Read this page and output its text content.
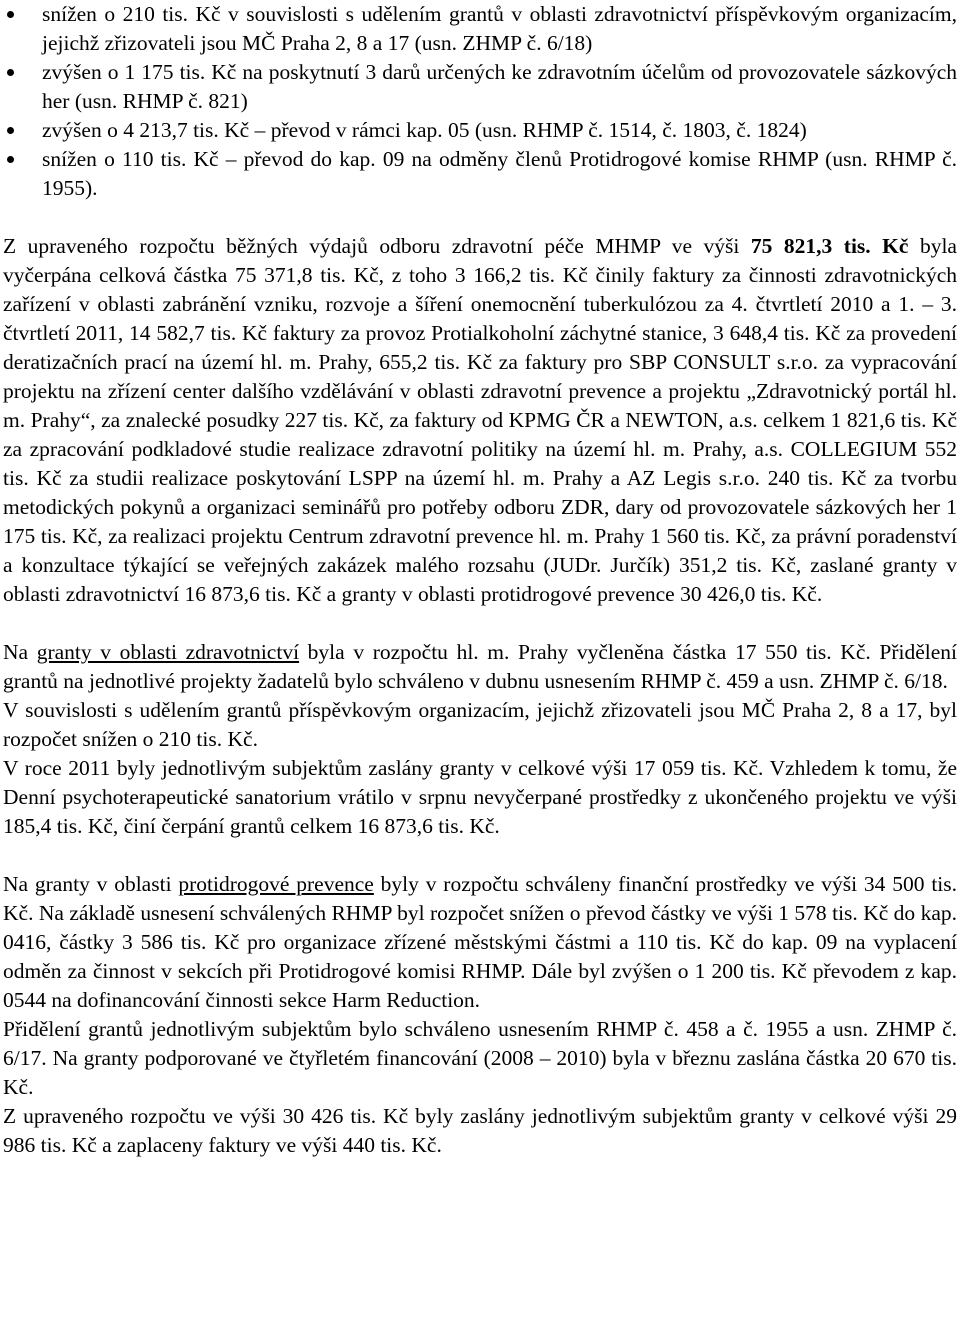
snížen o 210 tis. Kč v souvislosti s udělením grantů v oblasti zdravotnictví příspěvkovým organizacím, jejichž zřizovateli jsou MČ Praha 2, 8 a 17 (usn. ZHMP č. 6/18)
zvýšen o 1 175 tis. Kč na poskytnutí 3 darů určených ke zdravotním účelům od provozovatele sázkových her (usn. RHMP č. 821)
zvýšen o 4 213,7 tis. Kč – převod v rámci kap. 05 (usn. RHMP č. 1514, č. 1803, č. 1824)
snížen o 110 tis. Kč – převod do kap. 09 na odměny členů Protidrogové komise RHMP (usn. RHMP č. 1955).

Z upraveného rozpočtu běžných výdajů odboru zdravotní péče MHMP ve výši 75 821,3 tis. Kč byla vyčerpána celková částka 75 371,8 tis. Kč, z toho 3 166,2 tis. Kč činily faktury za činnosti zdravotnických zařízení v oblasti zabránění vzniku, rozvoje a šíření onemocnění tuberkulózou za 4. čtvrtletí 2010 a 1. – 3. čtvrtletí 2011, 14 582,7 tis. Kč faktury za provoz Protialkoholní záchytné stanice, 3 648,4 tis. Kč za provedení deratizačních prací na území hl. m. Prahy, 655,2 tis. Kč za faktury pro SBP CONSULT s.r.o. za vypracování projektu na zřízení center dalšího vzdělávání v oblasti zdravotní prevence a projektu „Zdravotnický portál hl. m. Prahy“, za znalecké posudky 227 tis. Kč, za faktury od KPMG ČR a NEWTON, a.s. celkem 1 821,6 tis. Kč za zpracování podkladové studie realizace zdravotní politiky na území hl. m. Prahy, a.s. COLLEGIUM 552 tis. Kč za studii realizace poskytování LSPP na území hl. m. Prahy a AZ Legis s.r.o. 240 tis. Kč za tvorbu metodických pokynů a organizaci seminářů pro potřeby odboru ZDR, dary od provozovatele sázkových her 1 175 tis. Kč, za realizaci projektu Centrum zdravotní prevence hl. m. Prahy 1 560 tis. Kč, za právní poradenství a konzultace týkající se veřejných zakázek malého rozsahu (JUDr. Jurčík) 351,2 tis. Kč, zaslané granty v oblasti zdravotnictví 16 873,6 tis. Kč a granty v oblasti protidrogové prevence 30 426,0 tis. Kč.

Na granty v oblasti zdravotnictví byla v rozpočtu hl. m. Prahy vyčleněna částka 17 550 tis. Kč. Přidělení grantů na jednotlivé projekty žadatelů bylo schváleno v dubnu usnesením RHMP č. 459 a usn. ZHMP č. 6/18.

V souvislosti s udělením grantů příspěvkovým organizacím, jejichž zřizovateli jsou MČ Praha 2, 8 a 17, byl rozpočet snížen o 210 tis. Kč.

V roce 2011 byly jednotlivým subjektům zaslány granty v celkové výši 17 059 tis. Kč. Vzhledem k tomu, že Denní psychoterapeutické sanatorium vrátilo v srpnu nevyčerpané prostředky z ukončeného projektu ve výši 185,4 tis. Kč, činí čerpání grantů celkem 16 873,6 tis. Kč.

Na granty v oblasti protidrogové prevence byly v rozpočtu schváleny finanční prostředky ve výši 34 500 tis. Kč. Na základě usnesení schválených RHMP byl rozpočet snížen o převod částky ve výši 1 578 tis. Kč do kap. 0416, částky 3 586 tis. Kč pro organizace zřízené městskými částmi a 110 tis. Kč do kap. 09 na vyplacení odměn za činnost v sekcích při Protidrogové komisi RHMP. Dále byl zvýšen o 1 200 tis. Kč převodem z kap. 0544 na dofinancování činnosti sekce Harm Reduction.

Přidělení grantů jednotlivým subjektům bylo schváleno usnesením RHMP č. 458 a č. 1955 a usn. ZHMP č. 6/17. Na granty podporované ve čtyřletém financování (2008 – 2010) byla v březnu zaslána částka 20 670 tis. Kč.

Z upraveného rozpočtu ve výši 30 426 tis. Kč byly zaslány jednotlivým subjektům granty v celkové výši 29 986 tis. Kč a zaplaceny faktury ve výši 440 tis. Kč.
